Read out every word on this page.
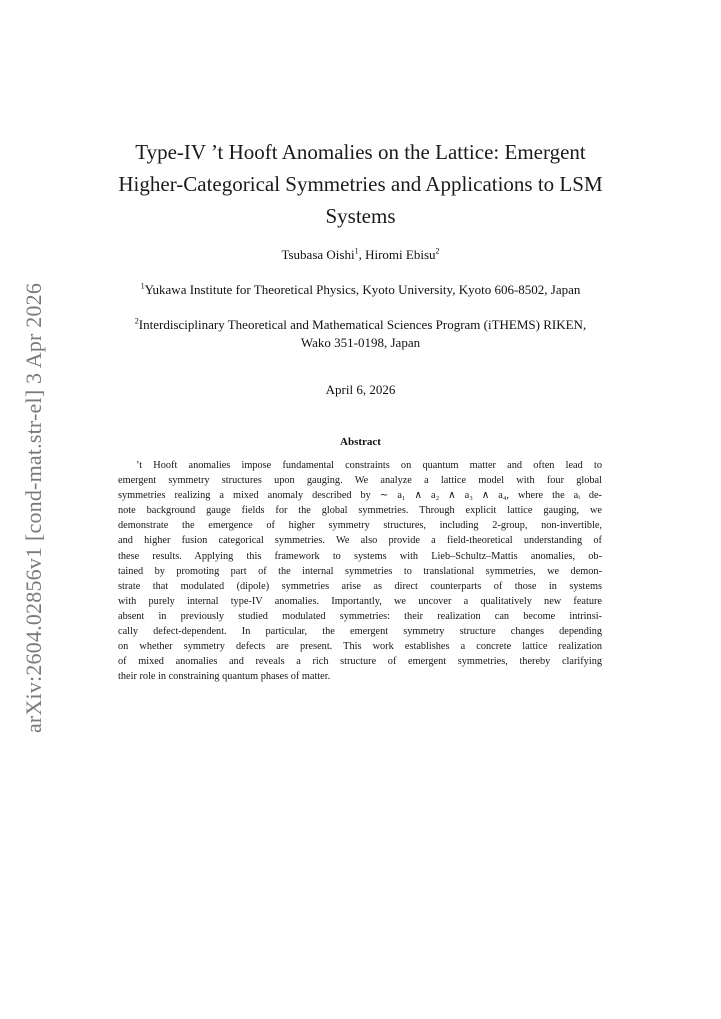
arXiv:2604.02856v1 [cond-mat.str-el] 3 Apr 2026
Type-IV ’t Hooft Anomalies on the Lattice: Emergent
Higher-Categorical Symmetries and Applications to LSM
Systems
Tsubasa Oishi$^1$, Hiromi Ebisu$^2$
$^1$Yukawa Institute for Theoretical Physics, Kyoto University, Kyoto 606-8502, Japan
$^2$Interdisciplinary Theoretical and Mathematical Sciences Program (iTHEMS) RIKEN,
Wako 351-0198, Japan
April 6, 2026
Abstract
’t Hooft anomalies impose fundamental constraints on quantum matter and often lead to
emergent symmetry structures upon gauging. We analyze a lattice model with four global
symmetries realizing a mixed anomaly described by ∼ a₁ ∧ a₂ ∧ a₃ ∧ a₄, where the aᵢ de-
note background gauge fields for the global symmetries. Through explicit lattice gauging, we
demonstrate the emergence of higher symmetry structures, including 2-group, non-invertible,
and higher fusion categorical symmetries. We also provide a field-theoretical understanding of
these results. Applying this framework to systems with Lieb–Schultz–Mattis anomalies, ob-
tained by promoting part of the internal symmetries to translational symmetries, we demon-
strate that modulated (dipole) symmetries arise as direct counterparts of those in systems
with purely internal type-IV anomalies. Importantly, we uncover a qualitatively new feature
absent in previously studied modulated symmetries: their realization can become intrinsi-
cally defect-dependent. In particular, the emergent symmetry structure changes depending
on whether symmetry defects are present. This work establishes a concrete lattice realization
of mixed anomalies and reveals a rich structure of emergent symmetries, thereby clarifying
their role in constraining quantum phases of matter.
